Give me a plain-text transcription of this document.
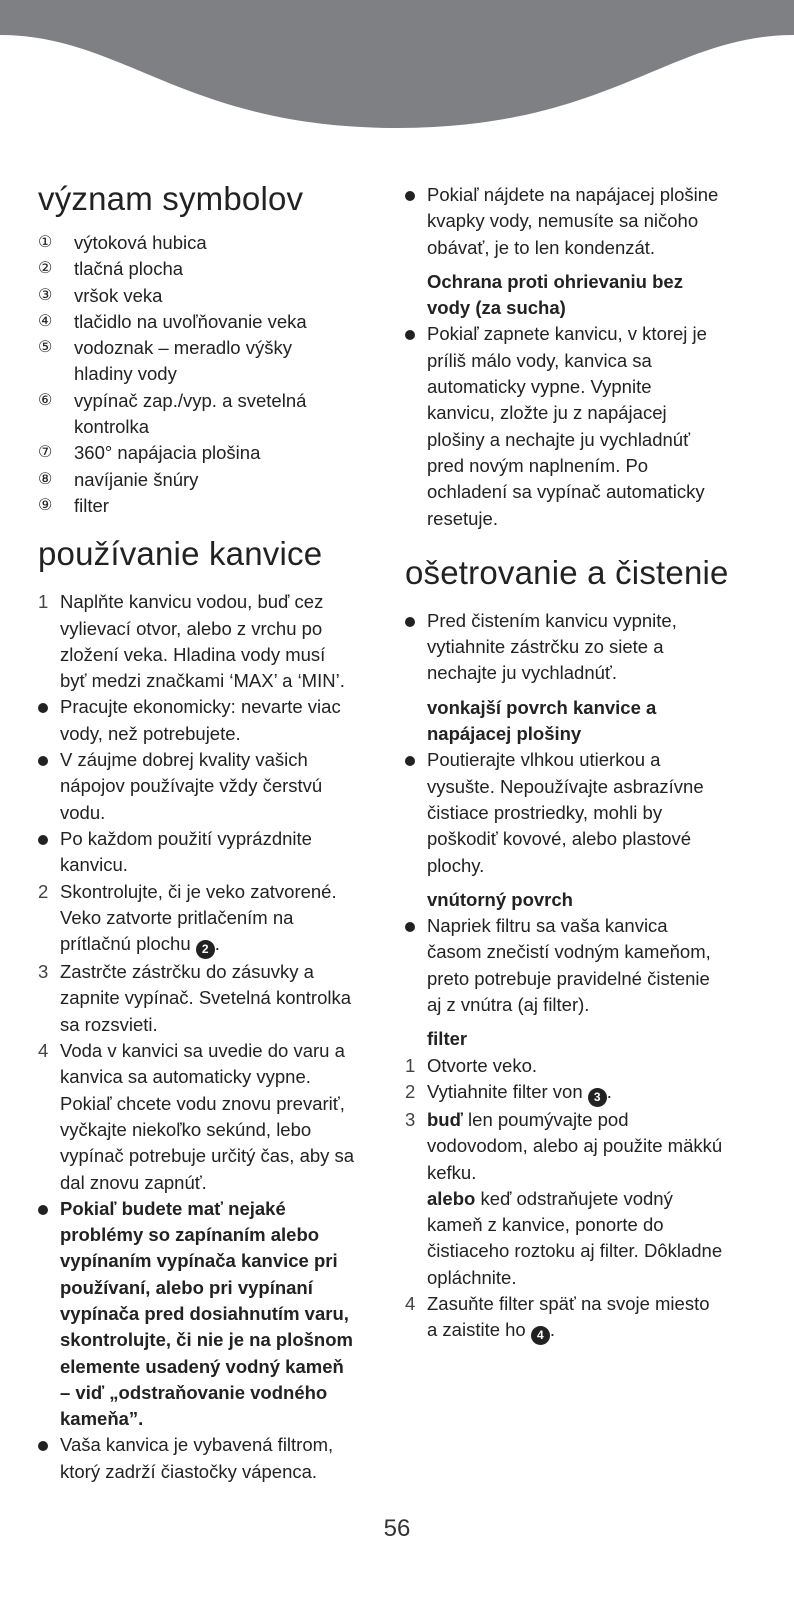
význam symbolov
①	výtoková hubica
②	tlačná plocha
③	vršok veka
④	tlačidlo na uvoľňovanie veka
⑤	vodoznak – meradlo výšky
hladiny vody
⑥	vypínač zap./vyp. a svetelná
kontrolka
⑦	360° napájacia plošina
⑧	navíjanie šnúry
⑨	filter
používanie kanvice
1 Naplňte kanvicu vodou, buď cez
vylievací otvor, alebo z vrchu po
zložení veka. Hladina vody musí
byť medzi značkami ‘MAX’ a ‘MIN’.
Pracujte ekonomicky: nevarte viac
vody, než potrebujete.
V záujme dobrej kvality vašich
nápojov používajte vždy čerstvú
vodu.
Po každom použití vyprázdnite
kanvicu.
2 Skontrolujte, či je veko zatvorené.
Veko zatvorte pritlačením na
prítlačnú plochu 2 .
3 Zastrčte zástrčku do zásuvky a
zapnite vypínač. Svetelná kontrolka
sa rozsvieti.
4 Voda v kanvici sa uvedie do varu a
kanvica sa automaticky vypne.
Pokiaľ chcete vodu znovu prevariť,
vyčkajte niekoľko sekúnd, lebo
vypínač potrebuje určitý čas, aby sa
dal znovu zapnúť.
Pokiaľ budete mať nejaké
problémy so zapínaním alebo
vypínaním vypínača kanvice pri
používaní, alebo pri vypínaní
vypínača pred dosiahnutím varu,
skontrolujte, či nie je na plošnom
elemente usadený vodný kameň
– viď „odstraňovanie vodného
kameňa”.
Vaša kanvica je vybavená filtrom,
ktorý zadrží čiastočky vápenca.
Pokiaľ nájdete na napájacej plošine
kvapky vody, nemusíte sa ničoho
obávať, je to len kondenzát.
Ochrana proti ohrievaniu bez
vody (za sucha)
Pokiaľ zapnete kanvicu, v ktorej je
príliš málo vody, kanvica sa
automaticky vypne. Vypnite
kanvicu, zložte ju z napájacej
plošiny a nechajte ju vychladnúť
pred novým naplnením. Po
ochladení sa vypínač automaticky
resetuje.
ošetrovanie a čistenie
Pred čistením kanvicu vypnite,
vytiahnite zástrčku zo siete a
nechajte ju vychladnúť.
vonkajší povrch kanvice a
napájacej plošiny
Poutierajte vlhkou utierkou a
vysušte. Nepoužívajte asbrazívne
čistiace prostriedky, mohli by
poškodiť kovové, alebo plastové
plochy.
vnútorný povrch
Napriek filtru sa vaša kanvica
časom znečistí vodným kameňom,
preto potrebuje pravidelné čistenie
aj z vnútra (aj filter).
filter
1 Otvorte veko.
2 Vytiahnite filter von 3 .
3 buď len poumývajte pod
vodovodom, alebo aj použite mäkkú
kefku.
alebo keď odstraňujete vodný
kameň z kanvice, ponorte do
čistiaceho roztoku aj filter. Dôkladne
opláchnite.
4 Zasuňte filter späť na svoje miesto
a zaistite ho 4 .
56
